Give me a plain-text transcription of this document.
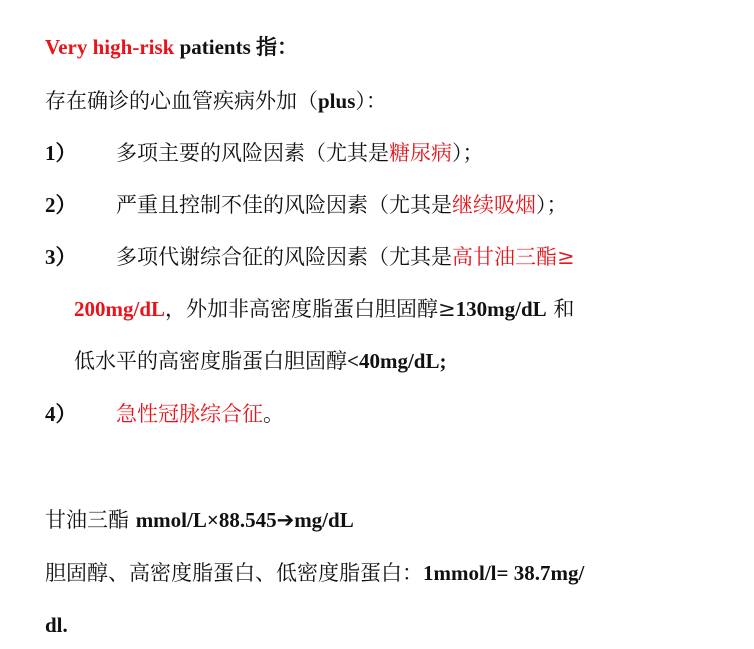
Very high-risk patients 指：
存在确诊的心血管疾病外加（plus）：
1） 多项主要的风险因素（尤其是糖尿病）；
2） 严重且控制不佳的风险因素（尤其是继续吸烟）；
3） 多项代谢综合征的风险因素（尤其是高甘油三酯≥
200mg/dL，外加非高密度脂蛋白胆固醇≥130mg/dL 和
低水平的高密度脂蛋白胆固醇<40mg/dL;
4） 急性冠脉综合征。
甘油三酯 mmol/L×88.545➔mg/dL
胆固醇、高密度脂蛋白、低密度脂蛋白：1mmol/l= 38.7mg/
dl.
